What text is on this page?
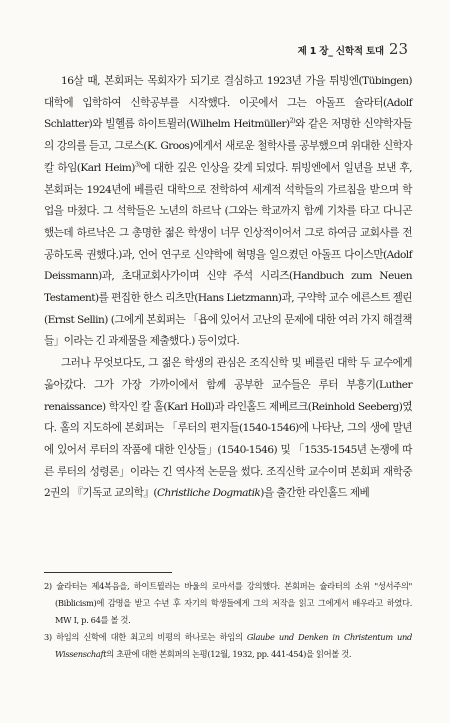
제 1 장_ 신학적 토대 23

16살 때, 본회퍼는 목회자가 되기로 결심하고 1923년 가을 튀빙엔(Tübingen) 대학에 입학하여 신학공부를 시작했다. 이곳에서 그는 아돌프 슐라터(Adolf Schlatter)와 빌헬름 하이트뮐러(Wilhelm Heitmüller)$^{2)}$와 같은 저명한 신약학자들의 강의를 듣고, 그로스(K. Groos)에게서 새로운 철학사를 공부했으며 위대한 신학자 칼 하임(Karl Heim)$^{3)}$에 대한 깊은 인상을 갖게 되었다. 튀빙엔에서 일년을 보낸 후, 본회퍼는 1924년에 베를린 대학으로 전학하여 세계적 석학들의 가르침을 받으며 학업을 마쳤다. 그 석학들은 노년의 하르낙 (그와는 학교까지 함께 기차를 타고 다니곤 했는데 하르낙은 그 총명한 젊은 학생이 너무 인상적이어서 그로 하여금 교회사를 전공하도록 권했다.)과, 언어 연구로 신약학에 혁명을 일으켰던 아돌프 다이스만(Adolf Deissmann)과, 초대교회사가이며 신약 주석 시리즈(Handbuch zum Neuen Testament)를 편집한 한스 리츠만(Hans Lietzmann)과, 구약학 교수 에른스트 젤린(Ernst Sellin) (그에게 본회퍼는 「욥에 있어서 고난의 문제에 대한 여러 가지 해결책들」이라는 긴 과제물을 제출했다.) 등이었다.

그러나 무엇보다도, 그 젊은 학생의 관심은 조직신학 및 베를린 대학 두 교수에게 옮아갔다. 그가 가장 가까이에서 함께 공부한 교수들은 루터 부흥기(Luther renaissance) 학자인 칼 홀(Karl Holl)과 라인홀드 제베르크(Reinhold Seeberg)였다. 홀의 지도하에 본회퍼는 「루터의 편지들(1540-1546)에 나타난, 그의 생에 말년에 있어서 루터의 작품에 대한 인상들」(1540-1546) 및 「1535-1545년 논쟁에 따른 루터의 성령론」이라는 긴 역사적 논문을 썼다. 조직신학 교수이며 본회퍼 재학중 2권의 『기독교 교의학』(Christliche Dogmatik)을 출간한 라인홀드 제베

2) 슐라터는 제4복음을, 하이트뮐러는 바울의 로마서를 강의했다. 본회퍼는 슐라터의 소위 "성서주의"(Biblicism)에 감명을 받고 수년 후 자기의 학생들에게 그의 저작을 읽고 그에게서 배우라고 하였다. MW I, p. 64를 볼 것.
3) 하임의 신학에 대한 최고의 비평의 하나로는 하임의 Glaube und Denken in Christentum und Wissenschaft의 초판에 대한 본회퍼의 논평(12월, 1932, pp. 441-454)을 읽어볼 것.
